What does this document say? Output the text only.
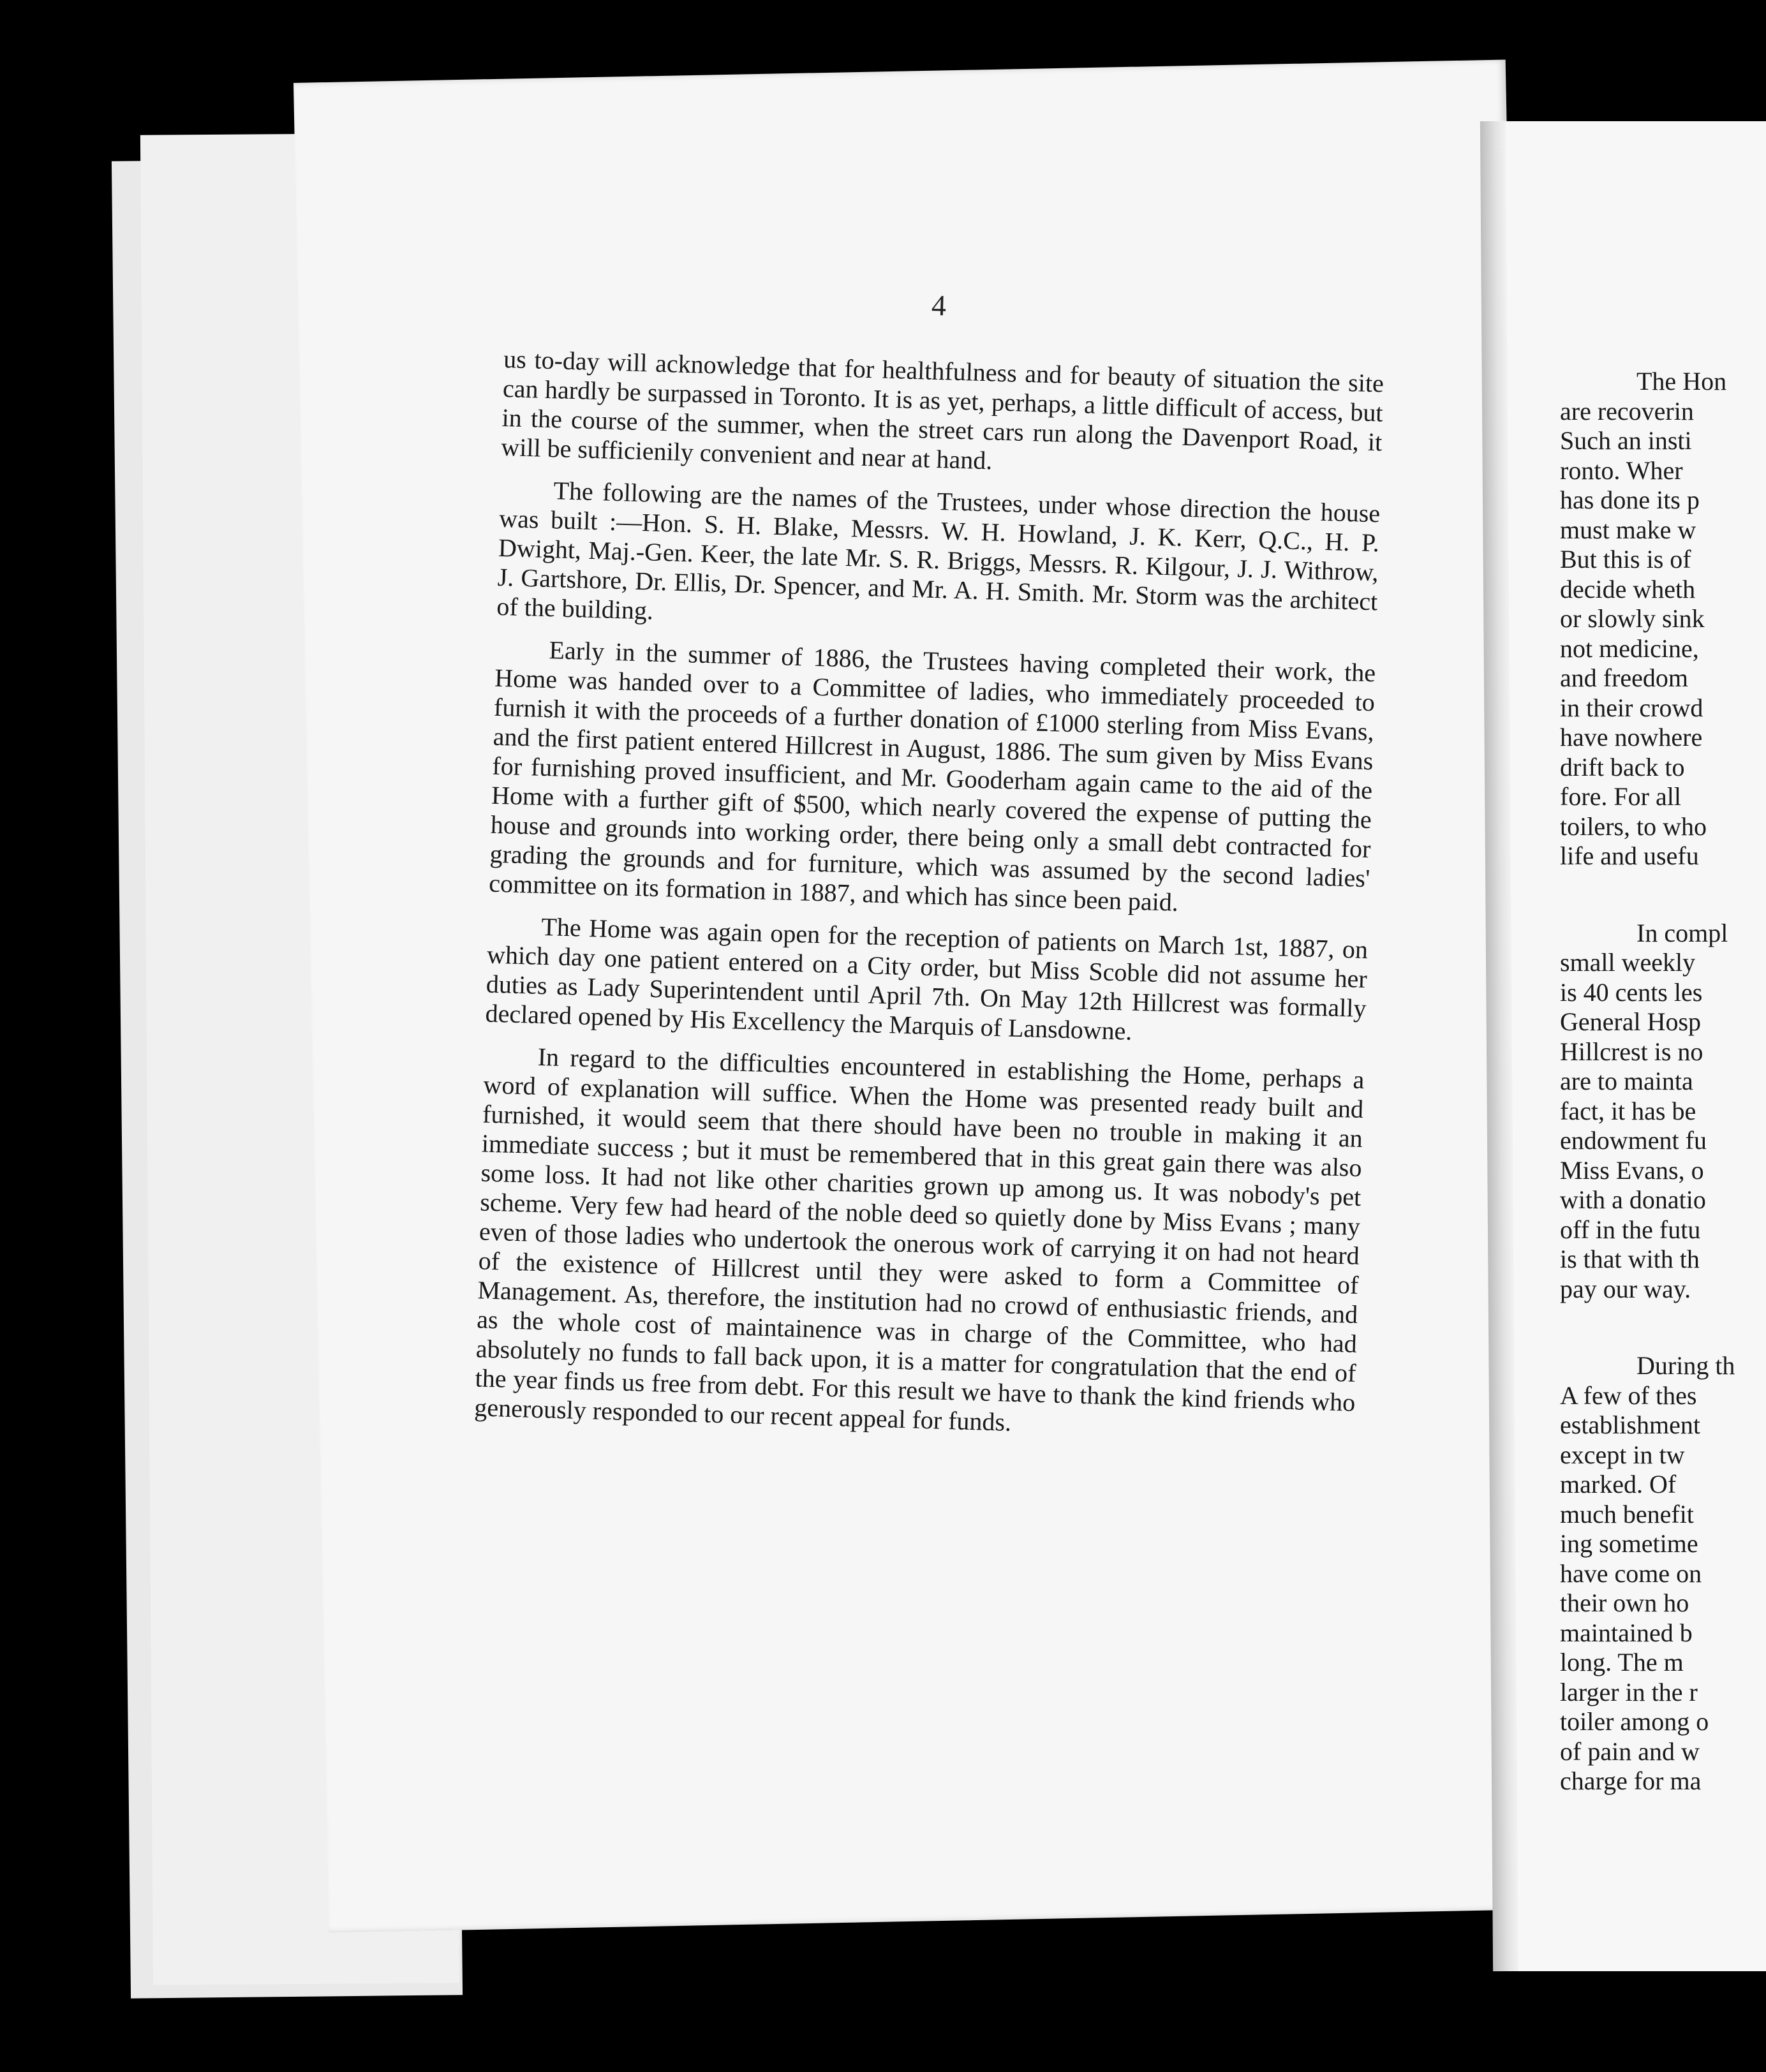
4

us to-day will acknowledge that for healthfulness and for beauty of situation the site can hardly be surpassed in Toronto. It is as yet, perhaps, a little difficult of access, but in the course of the summer, when the street cars run along the Davenport Road, it will be sufficienily convenient and near at hand.

The following are the names of the Trustees, under whose direction the house was built :—Hon. S. H. Blake, Messrs. W. H. Howland, J. K. Kerr, Q.C., H. P. Dwight, Maj.-Gen. Keer, the late Mr. S. R. Briggs, Messrs. R. Kilgour, J. J. Withrow, J. Gartshore, Dr. Ellis, Dr. Spencer, and Mr. A. H. Smith. Mr. Storm was the architect of the building.

Early in the summer of 1886, the Trustees having completed their work, the Home was handed over to a Committee of ladies, who immediately proceeded to furnish it with the proceeds of a further donation of £1000 sterling from Miss Evans, and the first patient entered Hillcrest in August, 1886. The sum given by Miss Evans for furnishing proved insufficient, and Mr. Gooderham again came to the aid of the Home with a further gift of $500, which nearly covered the expense of putting the house and grounds into working order, there being only a small debt contracted for grading the grounds and for furniture, which was assumed by the second ladies' committee on its formation in 1887, and which has since been paid.

The Home was again open for the reception of patients on March 1st, 1887, on which day one patient entered on a City order, but Miss Scoble did not assume her duties as Lady Superintendent until April 7th. On May 12th Hillcrest was formally declared opened by His Excellency the Marquis of Lansdowne.

In regard to the difficulties encountered in establishing the Home, perhaps a word of explanation will suffice. When the Home was presented ready built and furnished, it would seem that there should have been no trouble in making it an immediate success ; but it must be remembered that in this great gain there was also some loss. It had not like other charities grown up among us. It was nobody's pet scheme. Very few had heard of the noble deed so quietly done by Miss Evans ; many even of those ladies who undertook the onerous work of carrying it on had not heard of the existence of Hillcrest until they were asked to form a Committee of Management. As, therefore, the institution had no crowd of enthusiastic friends, and as the whole cost of maintainence was in charge of the Committee, who had absolutely no funds to fall back upon, it is a matter for congratulation that the end of the year finds us free from debt. For this result we have to thank the kind friends who generously responded to our recent appeal for funds.

The Hon
are recoverin
Such an insti
ronto. Wher
has done its p
must make w
But this is of
decide wheth
or slowly sink
not medicine,
and freedom
in their crowd
have nowhere
drift back to
fore. For all
toilers, to who
life and usefu
In compl
small weekly
is 40 cents les
General Hosp
Hillcrest is no
are to mainta
fact, it has be
endowment fu
Miss Evans, o
with a donatio
off in the futu
is that with th
pay our way.
During th
A few of thes
establishment
except in tw
marked. Of
much benefit
ing sometime
have come on
their own ho
maintained b
long. The m
larger in the r
toiler among o
of pain and w
charge for ma
